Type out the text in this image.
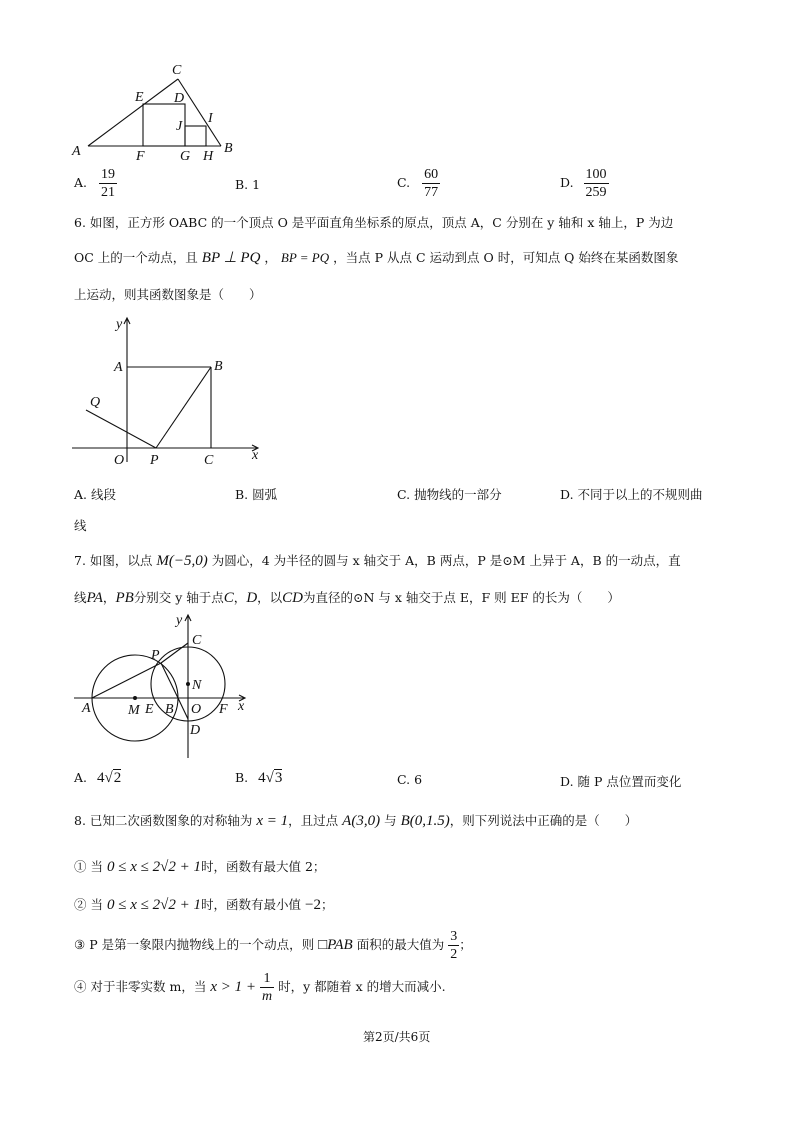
C
E D
J
I
A	F	G H
B
A. $\frac{19}{21}$	B. 1	C. $\frac{60}{77}$	D. $\frac{100}{259}$
6. 如图，正方形 OABC 的一个顶点 O 是平面直角坐标系的原点，顶点 A，C 分别在 y 轴和 x 轴上，P 为边
OC 上的一个动点，且 BP ⊥ PQ ， BP = PQ ，当点 P 从点 C 运动到点 O 时，可知点 Q 始终在某函数图象
上运动，则其函数图象是（　　）
y
A	B
Q
O P	C	x
A. 线段	B. 圆弧	C. 抛物线的一部分	D. 不同于以上的不规则曲
线
7. 如图，以点 M(−5,0) 为圆心，4 为半径的圆与 x 轴交于 A，B 两点，P 是⊙M 上异于 A，B 的一动点，直
线PA，PB分别交 y 轴于点C，D，以CD为直径的⊙N 与 x 轴交于点 E，F 则 EF 的长为（　　）
y
C
P
N
A	M E B O F x
D
A. 4√2	B. 4√3	C. 6	D. 随 P 点位置而变化
8. 已知二次函数图象的对称轴为 x = 1，且过点 A(3,0) 与 B(0,1.5)，则下列说法中正确的是（　　）
① 当 0 ≤ x ≤ 2√2 + 1时，函数有最大值 2；
② 当 0 ≤ x ≤ 2√2 + 1时，函数有最小值 −2；
③ P 是第一象限内抛物线上的一个动点，则 □PAB 面积的最大值为 $\frac{3}{2}$ ；
④ 对于非零实数 m，当 $x > 1 + \frac{1}{m}$ 时，y 都随着 x 的增大而减小.
第2页/共6页
